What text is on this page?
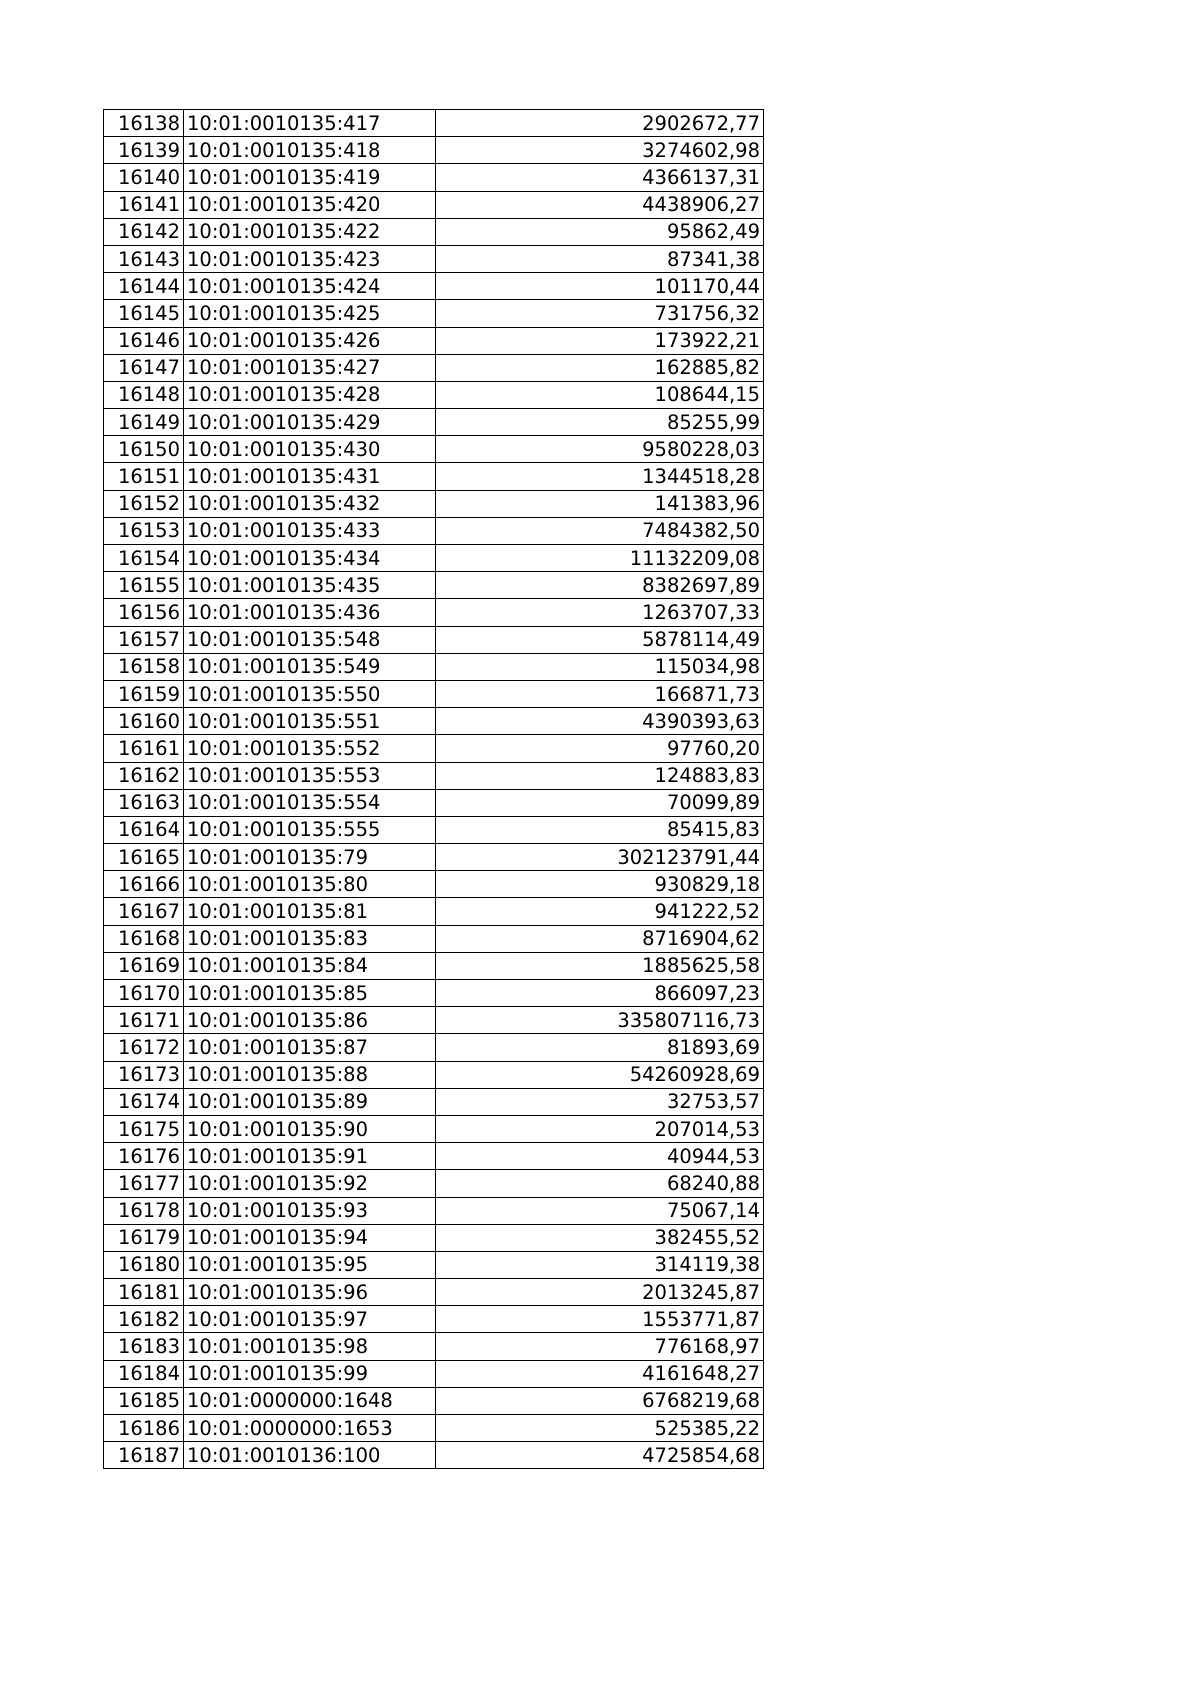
16138	10:01:0010135:417	2902672,77
16139	10:01:0010135:418	3274602,98
16140	10:01:0010135:419	4366137,31
16141	10:01:0010135:420	4438906,27
16142	10:01:0010135:422	95862,49
16143	10:01:0010135:423	87341,38
16144	10:01:0010135:424	101170,44
16145	10:01:0010135:425	731756,32
16146	10:01:0010135:426	173922,21
16147	10:01:0010135:427	162885,82
16148	10:01:0010135:428	108644,15
16149	10:01:0010135:429	85255,99
16150	10:01:0010135:430	9580228,03
16151	10:01:0010135:431	1344518,28
16152	10:01:0010135:432	141383,96
16153	10:01:0010135:433	7484382,50
16154	10:01:0010135:434	11132209,08
16155	10:01:0010135:435	8382697,89
16156	10:01:0010135:436	1263707,33
16157	10:01:0010135:548	5878114,49
16158	10:01:0010135:549	115034,98
16159	10:01:0010135:550	166871,73
16160	10:01:0010135:551	4390393,63
16161	10:01:0010135:552	97760,20
16162	10:01:0010135:553	124883,83
16163	10:01:0010135:554	70099,89
16164	10:01:0010135:555	85415,83
16165	10:01:0010135:79	302123791,44
16166	10:01:0010135:80	930829,18
16167	10:01:0010135:81	941222,52
16168	10:01:0010135:83	8716904,62
16169	10:01:0010135:84	1885625,58
16170	10:01:0010135:85	866097,23
16171	10:01:0010135:86	335807116,73
16172	10:01:0010135:87	81893,69
16173	10:01:0010135:88	54260928,69
16174	10:01:0010135:89	32753,57
16175	10:01:0010135:90	207014,53
16176	10:01:0010135:91	40944,53
16177	10:01:0010135:92	68240,88
16178	10:01:0010135:93	75067,14
16179	10:01:0010135:94	382455,52
16180	10:01:0010135:95	314119,38
16181	10:01:0010135:96	2013245,87
16182	10:01:0010135:97	1553771,87
16183	10:01:0010135:98	776168,97
16184	10:01:0010135:99	4161648,27
16185	10:01:0000000:1648	6768219,68
16186	10:01:0000000:1653	525385,22
16187	10:01:0010136:100	4725854,68
